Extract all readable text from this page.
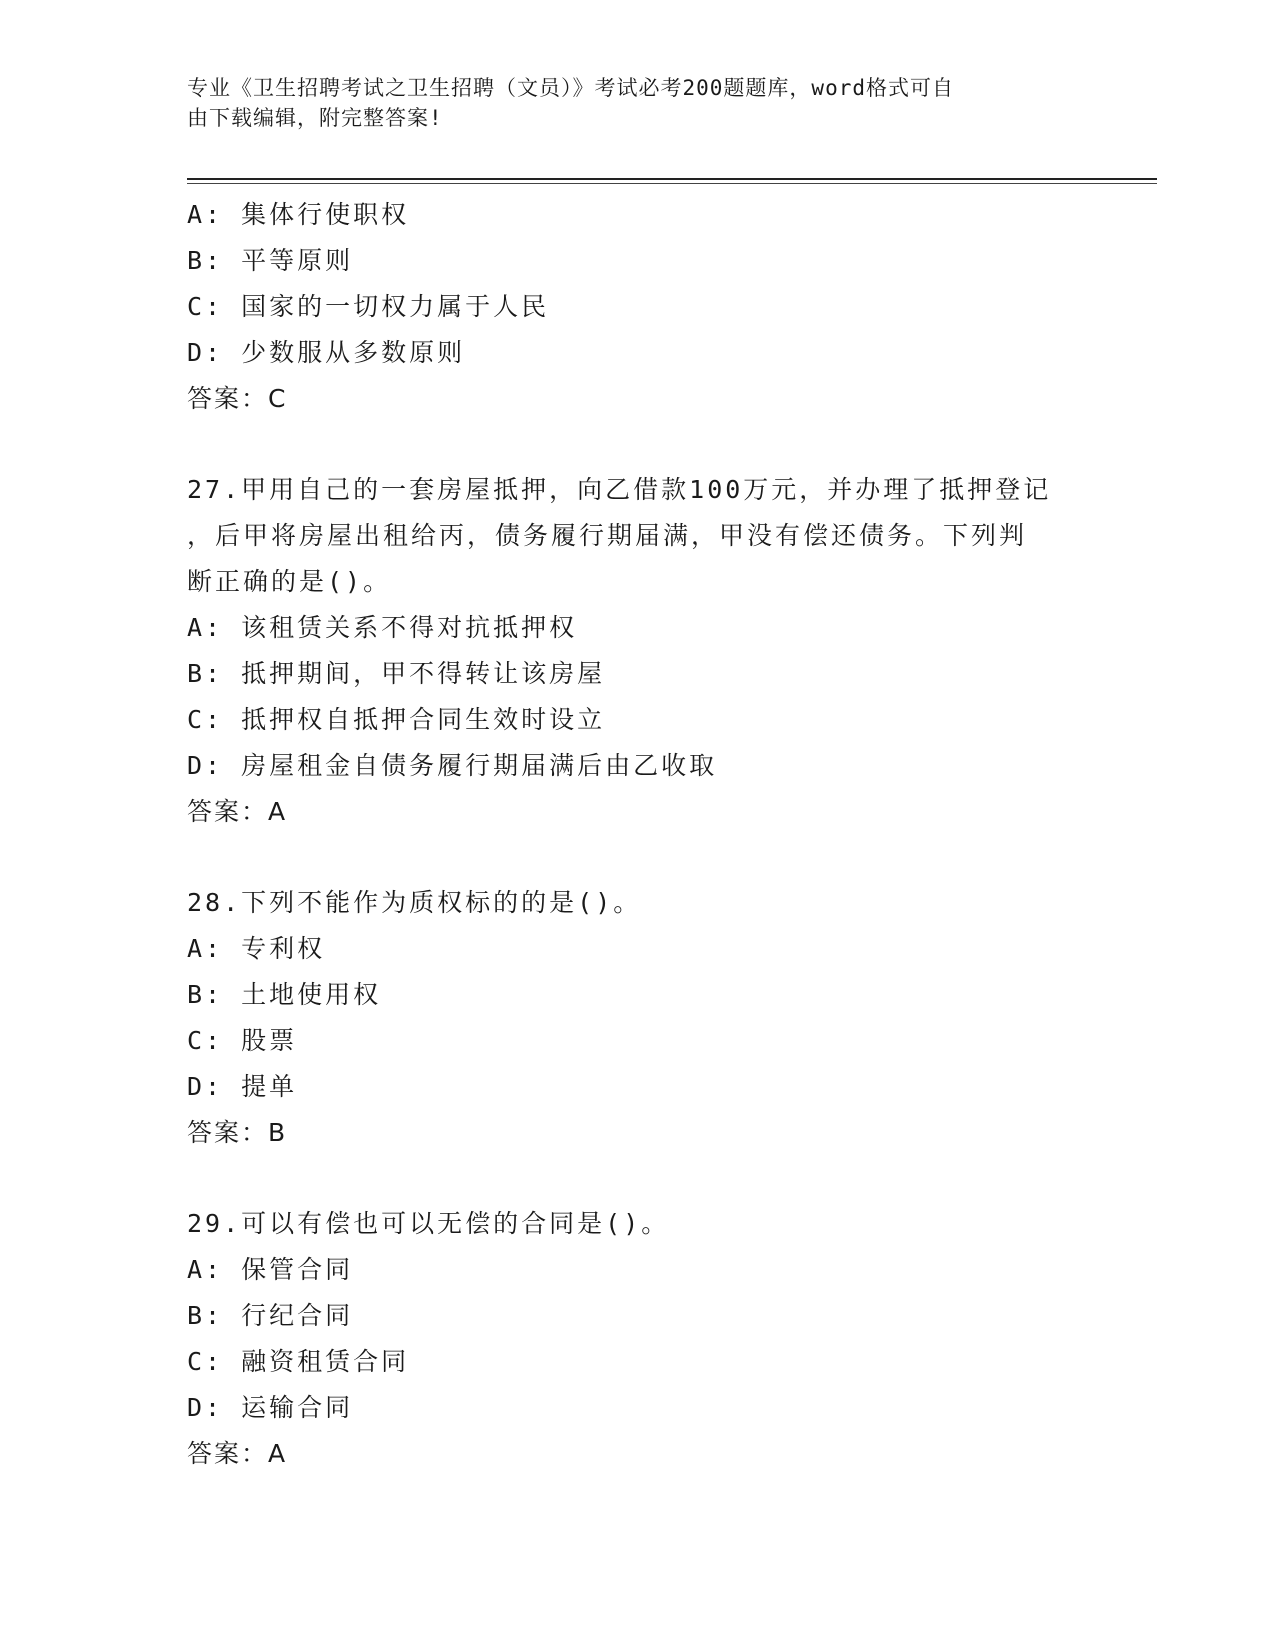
专业《卫生招聘考试之卫生招聘（文员）》考试必考200题题库，word格式可自
由下载编辑，附完整答案!
A: 集体行使职权
B: 平等原则
C: 国家的一切权力属于人民
D: 少数服从多数原则
答案：C
27.甲用自己的一套房屋抵押，向乙借款100万元，并办理了抵押登记
，后甲将房屋出租给丙，债务履行期届满，甲没有偿还债务。下列判
断正确的是()。
A: 该租赁关系不得对抗抵押权
B: 抵押期间，甲不得转让该房屋
C: 抵押权自抵押合同生效时设立
D: 房屋租金自债务履行期届满后由乙收取
答案：A
28.下列不能作为质权标的的是()。
A: 专利权
B: 土地使用权
C: 股票
D: 提单
答案：B
29.可以有偿也可以无偿的合同是()。
A: 保管合同
B: 行纪合同
C: 融资租赁合同
D: 运输合同
答案：A
